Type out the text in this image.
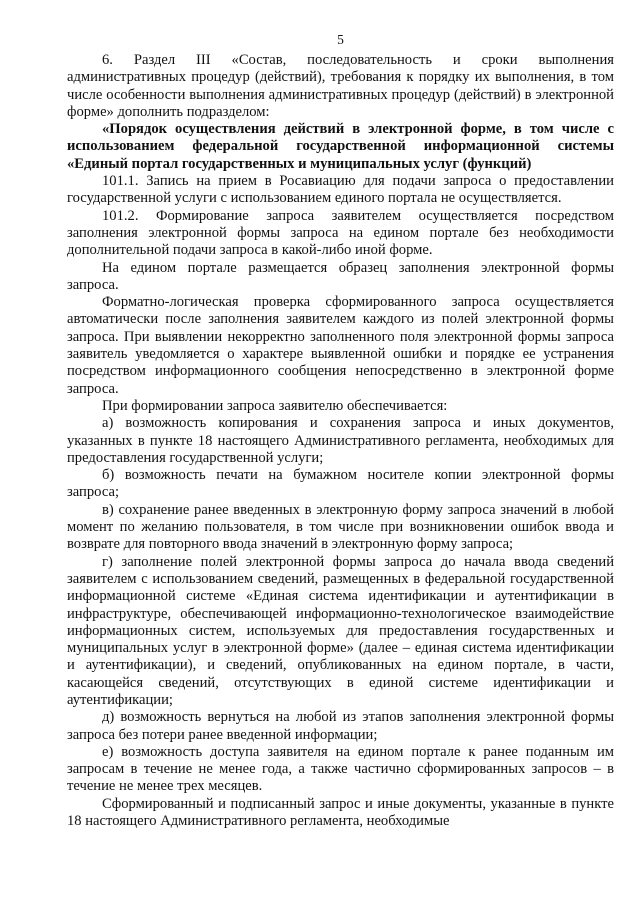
5

6. Раздел III «Состав, последовательность и сроки выполнения административных процедур (действий), требования к порядку их выполнения, в том числе особенности выполнения административных процедур (действий) в электронной форме» дополнить подразделом:

«Порядок осуществления действий в электронной форме, в том числе с использованием федеральной государственной информационной системы «Единый портал государственных и муниципальных услуг (функций)

101.1. Запись на прием в Росавиацию для подачи запроса о предоставлении государственной услуги с использованием единого портала не осуществляется.

101.2. Формирование запроса заявителем осуществляется посредством заполнения электронной формы запроса на едином портале без необходимости дополнительной подачи запроса в какой-либо иной форме.

На едином портале размещается образец заполнения электронной формы запроса.

Форматно-логическая проверка сформированного запроса осуществляется автоматически после заполнения заявителем каждого из полей электронной формы запроса. При выявлении некорректно заполненного поля электронной формы запроса заявитель уведомляется о характере выявленной ошибки и порядке ее устранения посредством информационного сообщения непосредственно в электронной форме запроса.

При формировании запроса заявителю обеспечивается:

а) возможность копирования и сохранения запроса и иных документов, указанных в пункте 18 настоящего Административного регламента, необходимых для предоставления государственной услуги;

б) возможность печати на бумажном носителе копии электронной формы запроса;

в) сохранение ранее введенных в электронную форму запроса значений в любой момент по желанию пользователя, в том числе при возникновении ошибок ввода и возврате для повторного ввода значений в электронную форму запроса;

г) заполнение полей электронной формы запроса до начала ввода сведений заявителем с использованием сведений, размещенных в федеральной государственной информационной системе «Единая система идентификации и аутентификации в инфраструктуре, обеспечивающей информационно-технологическое взаимодействие информационных систем, используемых для предоставления государственных и муниципальных услуг в электронной форме» (далее – единая система идентификации и аутентификации), и сведений, опубликованных на едином портале, в части, касающейся сведений, отсутствующих в единой системе идентификации и аутентификации;

д) возможность вернуться на любой из этапов заполнения электронной формы запроса без потери ранее введенной информации;

е) возможность доступа заявителя на едином портале к ранее поданным им запросам в течение не менее года, а также частично сформированных запросов – в течение не менее трех месяцев.

Сформированный и подписанный запрос и иные документы, указанные в пункте 18 настоящего Административного регламента, необходимые
